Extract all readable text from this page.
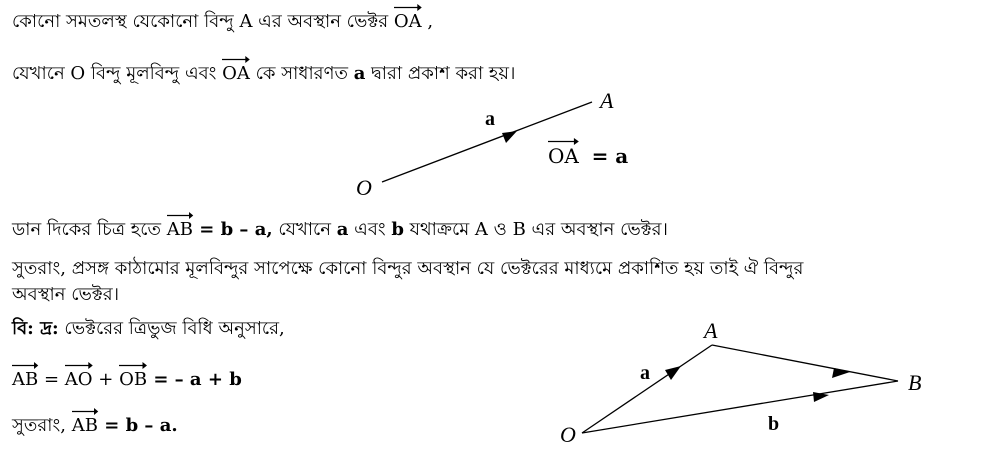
কোনো সমতলস্থ যেকোনো বিন্দু A এর অবস্থান ভেক্টর
OA ,
যেখানে O বিন্দু মূলবিন্দু এবং
OA কে সাধারণত a দ্বারা প্রকাশ করা হয়।
a
A
O
OA = a
ডান দিকের চিত্র হতে
AB = b – a, যেখানে a এবং b যথাক্রমে A ও B এর অবস্থান ভেক্টর।
সুতরাং, প্রসঙ্গ কাঠামোর মূলবিন্দুর সাপেক্ষে কোনো বিন্দুর অবস্থান যে ভেক্টরের মাধ্যমে প্রকাশিত হয় তাই ঐ বিন্দুর
অবস্থান ভেক্টর।
বি: দ্র: ভেক্টরের ত্রিভুজ বিধি অনুসারে,
AB =
AO +
OB = – a + b
সুতরাং,
AB = b – a.
A
B
O
a
b
